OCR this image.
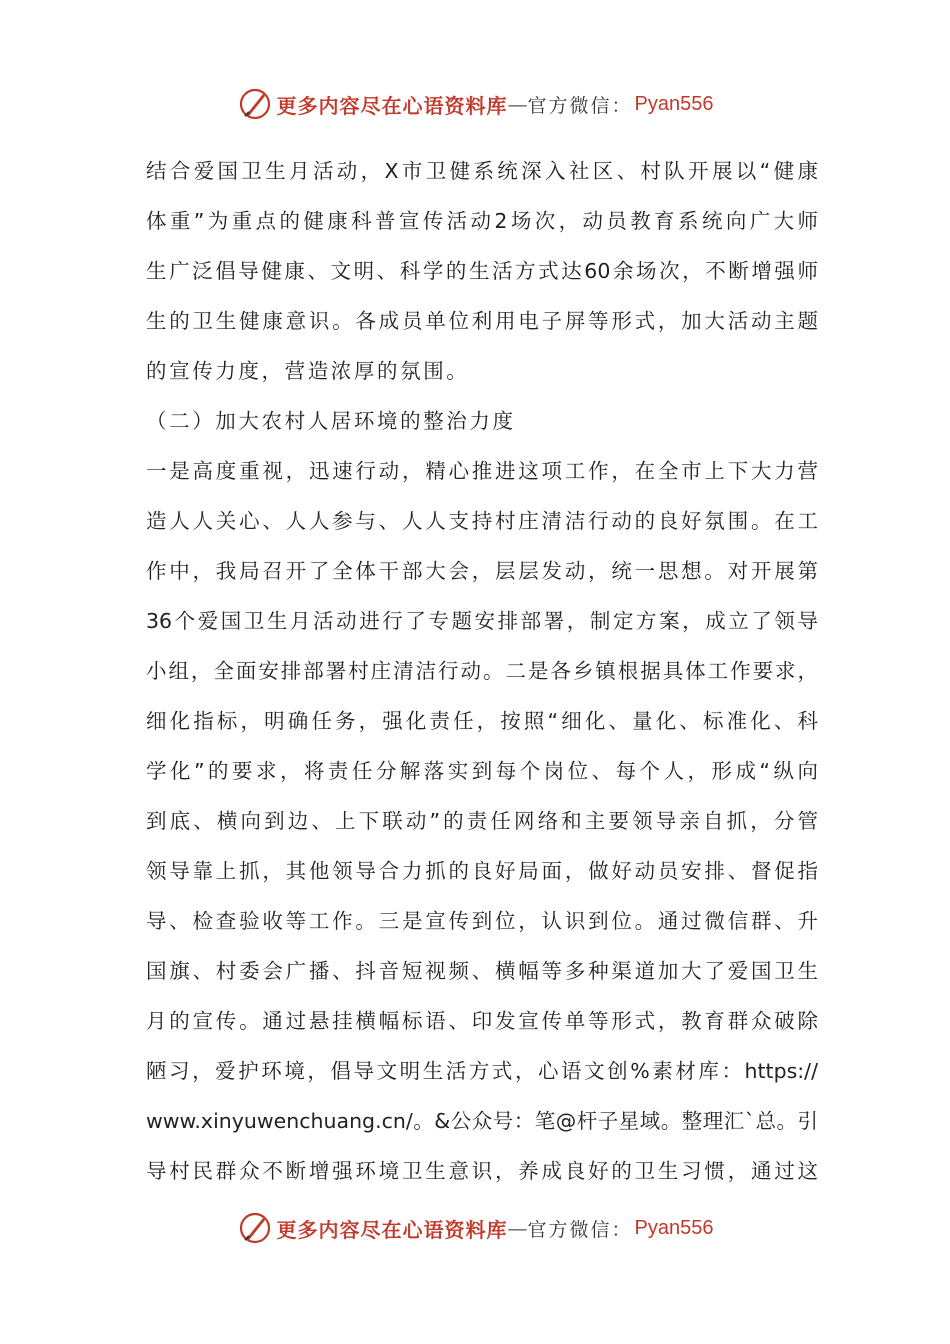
更多内容尽在心语资料库 — 官方微信： Pyan556
结合爱国卫生月活动，X市卫健系统深入社区、村队开展以“健康
体重”为重点的健康科普宣传活动2场次，动员教育系统向广大师
生广泛倡导健康、文明、科学的生活方式达60余场次，不断增强师
生的卫生健康意识。各成员单位利用电子屏等形式，加大活动主题
的宣传力度，营造浓厚的氛围。
（二）加大农村人居环境的整治力度
一是高度重视，迅速行动，精心推进这项工作，在全市上下大力营
造人人关心、人人参与、人人支持村庄清洁行动的良好氛围。在工
作中，我局召开了全体干部大会，层层发动，统一思想。对开展第
36个爱国卫生月活动进行了专题安排部署，制定方案，成立了领导
小组，全面安排部署村庄清洁行动。二是各乡镇根据具体工作要求，
细化指标，明确任务，强化责任，按照“细化、量化、标准化、科
学化”的要求，将责任分解落实到每个岗位、每个人，形成“纵向
到底、横向到边、上下联动”的责任网络和主要领导亲自抓，分管
领导靠上抓，其他领导合力抓的良好局面，做好动员安排、督促指
导、检查验收等工作。三是宣传到位，认识到位。通过微信群、升
国旗、村委会广播、抖音短视频、横幅等多种渠道加大了爱国卫生
月的宣传。通过悬挂横幅标语、印发宣传单等形式，教育群众破除
陋习，爱护环境，倡导文明生活方式，心语文创%素材库：https://
www.xinyuwenchuang.cn/。&公众号：笔@杆子星域。整理汇`总。引
导村民群众不断增强环境卫生意识，养成良好的卫生习惯，通过这
更多内容尽在心语资料库 — 官方微信： Pyan556
